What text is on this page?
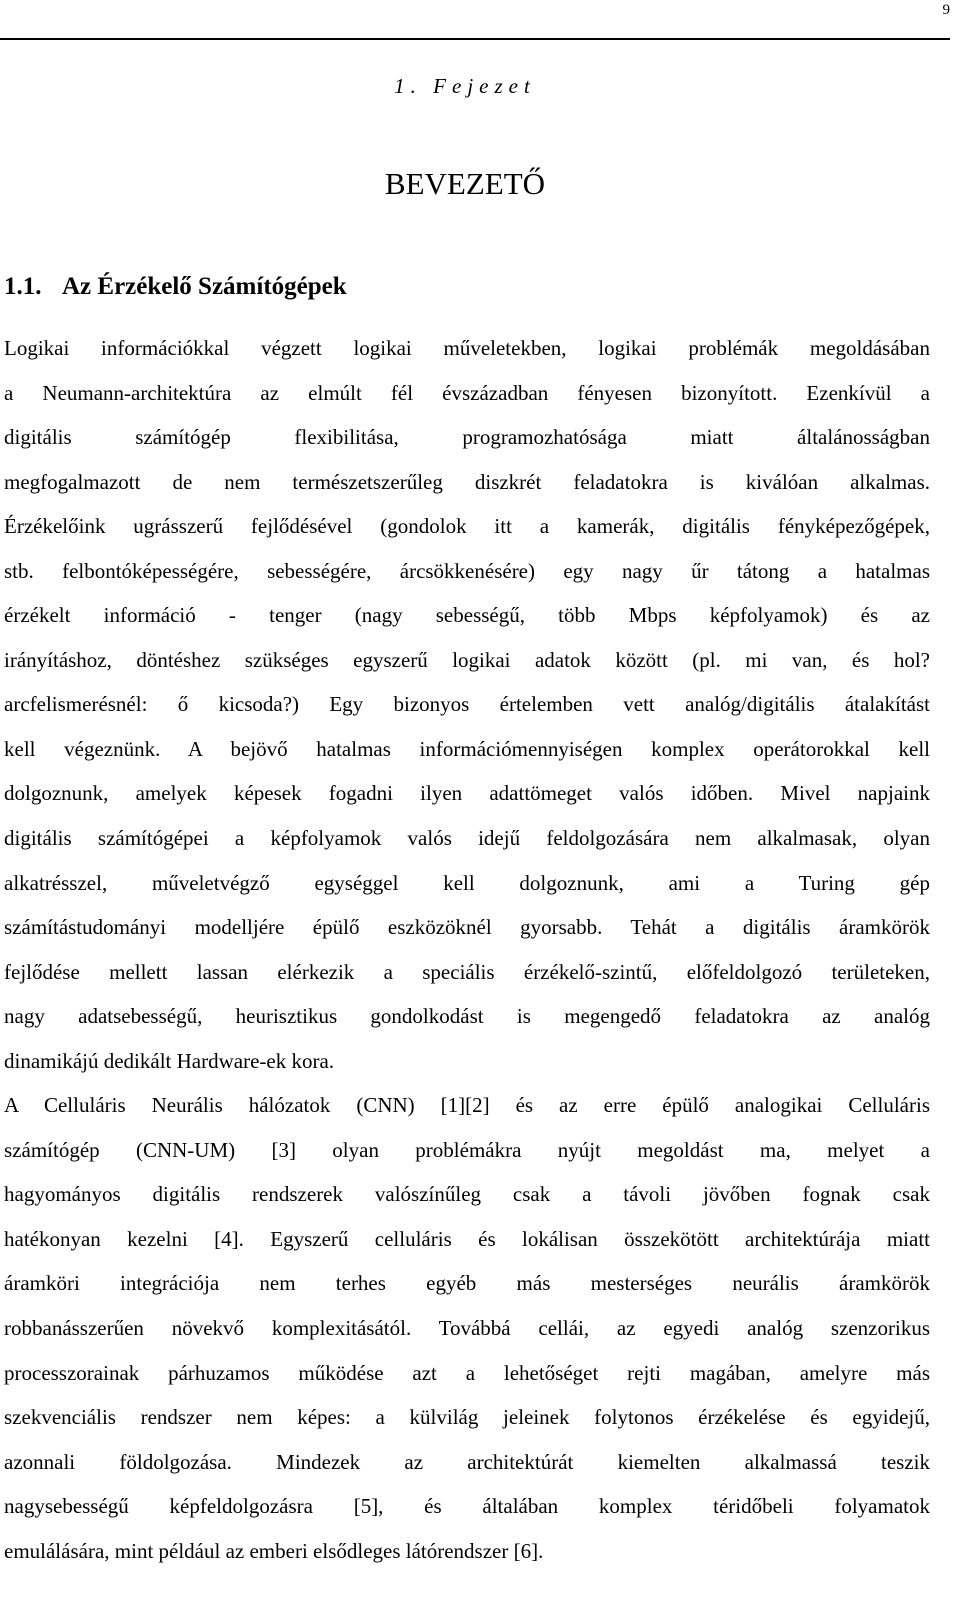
9
1. Fejezet
BEVEZETŐ
1.1. Az Érzékelő Számítógépek
Logikai információkkal végzett logikai műveletekben, logikai problémák megoldásában
a Neumann-architektúra az elmúlt fél évszázadban fényesen bizonyított. Ezenkívül a
digitális számítógép flexibilitása, programozhatósága miatt általánosságban
megfogalmazott de nem természetszerűleg diszkrét feladatokra is kiválóan alkalmas.
Érzékelőink ugrásszerű fejlődésével (gondolok itt a kamerák, digitális fényképezőgépek,
stb. felbontóképességére, sebességére, árcsökkenésére) egy nagy űr tátong a hatalmas
érzékelt információ - tenger (nagy sebességű, több Mbps képfolyamok) és az
irányításhoz, döntéshez szükséges egyszerű logikai adatok között (pl. mi van, és hol?
arcfelismerésnél: ő kicsoda?) Egy bizonyos értelemben vett analóg/digitális átalakítást
kell végeznünk. A bejövő hatalmas információmennyiségen komplex operátorokkal kell
dolgoznunk, amelyek képesek fogadni ilyen adattömeget valós időben. Mivel napjaink
digitális számítógépei a képfolyamok valós idejű feldolgozására nem alkalmasak, olyan
alkatrésszel, műveletvégző egységgel kell dolgoznunk, ami a Turing gép
számítástudományi modelljére épülő eszközöknél gyorsabb. Tehát a digitális áramkörök
fejlődése mellett lassan elérkezik a speciális érzékelő-szintű, előfeldolgozó területeken,
nagy adatsebességű, heurisztikus gondolkodást is megengedő feladatokra az analóg
dinamikájú dedikált Hardware-ek kora.
A Celluláris Neurális hálózatok (CNN) [1][2] és az erre épülő analogikai Celluláris
számítógép (CNN-UM) [3] olyan problémákra nyújt megoldást ma, melyet a
hagyományos digitális rendszerek valószínűleg csak a távoli jövőben fognak csak
hatékonyan kezelni [4]. Egyszerű celluláris és lokálisan összekötött architektúrája miatt
áramköri integrációja nem terhes egyéb más mesterséges neurális áramkörök
robbanásszerűen növekvő komplexitásától. Továbbá cellái, az egyedi analóg szenzorikus
processzorainak párhuzamos működése azt a lehetőséget rejti magában, amelyre más
szekvenciális rendszer nem képes: a külvilág jeleinek folytonos érzékelése és egyidejű,
azonnali földolgozása. Mindezek az architektúrát kiemelten alkalmassá teszik
nagysebességű képfeldolgozásra [5], és általában komplex téridőbeli folyamatok
emulálására, mint például az emberi elsődleges látórendszer [6].
